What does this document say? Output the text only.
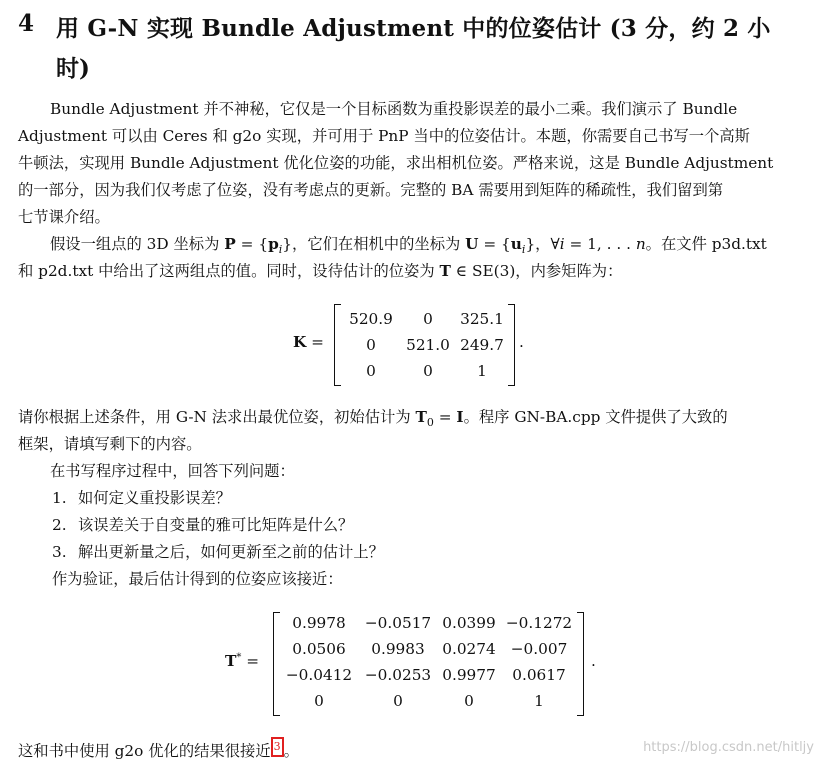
4 用 G-N 实现 Bundle Adjustment 中的位姿估计 (3 分，约 2 小
时)
Bundle Adjustment 并不神秘，它仅是一个目标函数为重投影误差的最小二乘。我们演示了 Bundle
Adjustment 可以由 Ceres 和 g2o 实现，并可用于 PnP 当中的位姿估计。本题，你需要自己书写一个高斯
牛顿法，实现用 Bundle Adjustment 优化位姿的功能，求出相机位姿。严格来说，这是 Bundle Adjustment
的一部分，因为我们仅考虑了位姿，没有考虑点的更新。完整的 BA 需要用到矩阵的稀疏性，我们留到第
七节课介绍。
假设一组点的 3D 坐标为 $P = \{p_i\}$，它们在相机中的坐标为 $U = \{u_i\}$，∀i = 1, . . . n。在文件 p3d.txt
和 p2d.txt 中给出了这两组点的值。同时，设待估计的位姿为 T ∈ SE(3)，内参矩阵为：
K =
520.9	0	325.1
0	521.0 249.7
0	0	1
.
请你根据上述条件，用 G-N 法求出最优位姿，初始估计为 $T_0 = I$。程序 GN-BA.cpp 文件提供了大致的
框架，请填写剩下的内容。
在书写程序过程中，回答下列问题：
1. 如何定义重投影误差？
2. 该误差关于自变量的雅可比矩阵是什么？
3. 解出更新量之后，如何更新至之前的估计上？
作为验证，最后估计得到的位姿应该接近：
T* =
0.9978	−0.0517 0.0399 −0.1272
0.0506	0.9983	0.0274 −0.007
−0.0412 −0.0253 0.9977	0.0617
0	0	0	1
.
这和书中使用 g2o 优化的结果很接近 3 。	https://blog.csdn.net/hitljy
